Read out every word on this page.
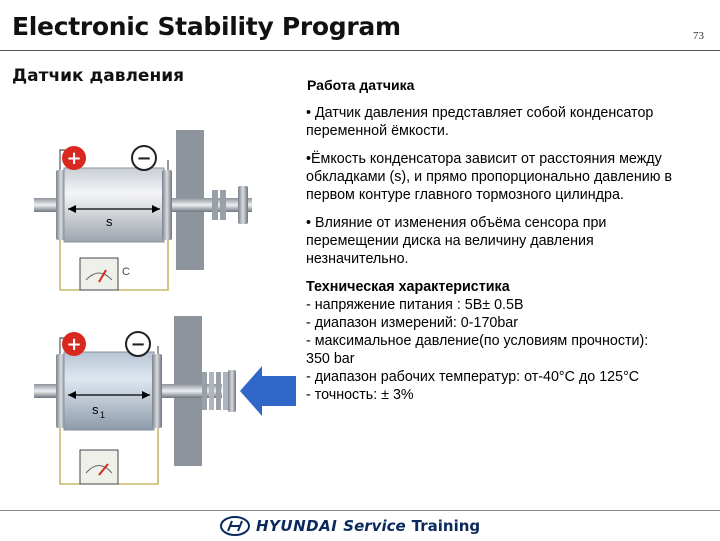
Electronic Stability Program	73
Датчик давления	Работа датчика
• Датчик давления представляет собой конденсатор переменной ёмкости.
•Ёмкость конденсатора зависит от расстояния между обкладками (s), и прямо пропорционально давлению в первом контуре главного тормозного цилиндра.
• Влияние от изменения объёма сенсора при перемещении диска на величину давления незначительно.
Техническая характеристика
- напряжение питания : 5В± 0.5В
- диапазон измерений: 0-170bar
- максимальное давление(по условиям прочности): 350 bar
- диапазон рабочих температур: от-40°С до 125°С
- точность: ± 3%
s
+	−
C
s 1
+	−
HYUNDAI Service Training
